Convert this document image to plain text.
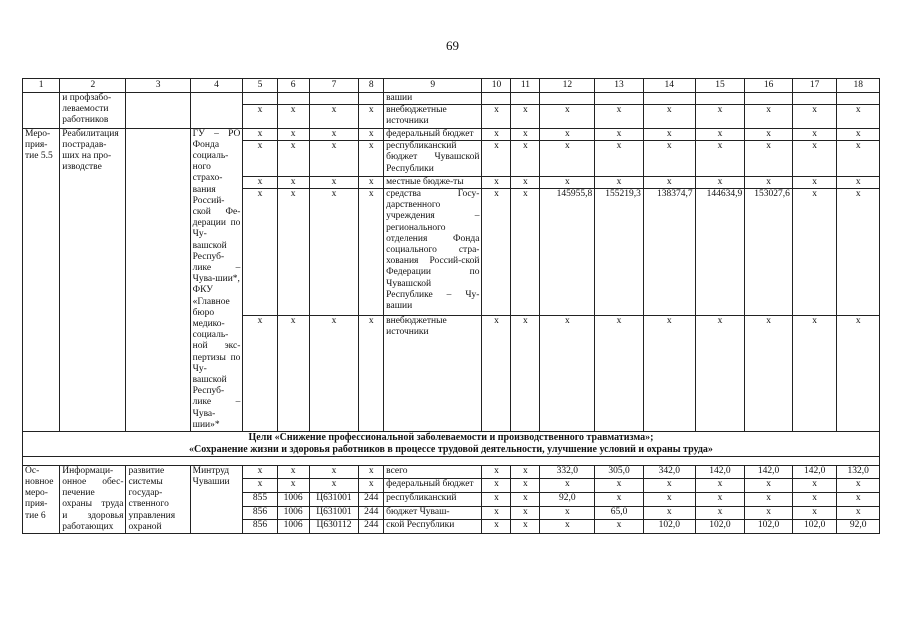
69
1	2	3	4	5	6	7	8	9	10	11	12	13	14	15	16	17	18
	и профзабо-леваемости работников							вашии									
				х	х	х	х	внебюджетные источники	х	х	х	х	х	х	х	х	х
Меро-прия-тие 5.5	Реабилитация пострадав-ших на про-изводстве		ГУ – РО Фонда социаль-ного страхо-вания Россий-ской Фе-дерации по Чу-вашской Респуб-лике – Чува-шии*, ФКУ «Главное бюро медико-социаль-ной экс-пертизы по Чу-вашской Респуб-лике – Чува-шии»*	х	х	х	х	федеральный бюджет	х	х	х	х	х	х	х	х	х
				х	х	х	х	республиканский бюджет Чувашской Республики	х	х	х	х	х	х	х	х	х
				х	х	х	х	местные бюдже-ты	х	х	х	х	х	х	х	х	х
				х	х	х	х	средства Госу-дарственного учреждения – регионального отделения Фонда социального стра-хования Россий-ской Федерации по Чувашской Республике – Чу-вашии	х	х	145955,8	155219,3	138374,7	144634,9	153027,6	х	х
				х	х	х	х	внебюджетные источники	х	х	х	х	х	х	х	х	х

Цели «Снижение профессиональной заболеваемости и производственного травматизма»;
«Сохранение жизни и здоровья работников в процессе трудовой деятельности, улучшение условий и охраны труда»																	

Ос-новное меро-прия-тие 6	Информаци-онное обес-печение охраны труда и здоровья работающих	развитие системы государ-ственного управления охраной	Минтруд Чувашии	х	х	х	х	всего	х	х	332,0	305,0	342,0	142,0	142,0	142,0	132,0
				х	х	х	х	федеральный бюджет	х	х	х	х	х	х	х	х	х
				855	1006	Ц631001	244	республиканский	х	х	92,0	х	х	х	х	х	х
				856	1006	Ц631001	244	бюджет Чуваш-	х	х	х	65,0	х	х	х	х	х
				856	1006	Ц630112	244	ской Республики	х	х	х	х	102,0	102,0	102,0	102,0	92,0
